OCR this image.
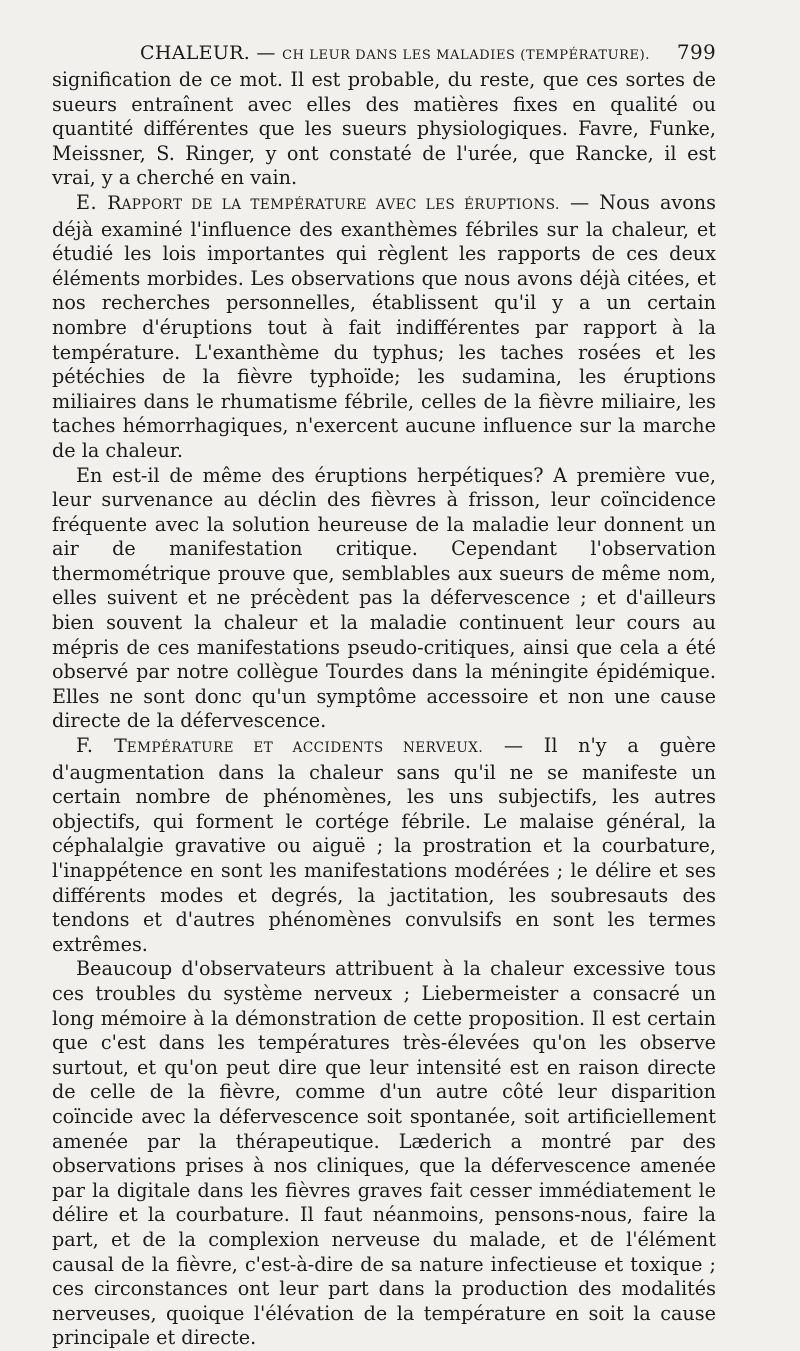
CHALEUR. — CH LEUR DANS LES MALADIES (TEMPÉRATURE). 799

signification de ce mot. Il est probable, du reste, que ces sortes de sueurs entraînent avec elles des matières fixes en qualité ou quantité différentes que les sueurs physiologiques. Favre, Funke, Meissner, S. Ringer, y ont constaté de l'urée, que Rancke, il est vrai, y a cherché en vain.

E. RAPPORT DE LA TEMPÉRATURE AVEC LES ÉRUPTIONS. — Nous avons déjà examiné l'influence des exanthèmes fébriles sur la chaleur, et étudié les lois importantes qui règlent les rapports de ces deux éléments morbides. Les observations que nous avons déjà citées, et nos recherches personnelles, établissent qu'il y a un certain nombre d'éruptions tout à fait indifférentes par rapport à la température. L'exanthème du typhus; les taches rosées et les pétéchies de la fièvre typhoïde; les sudamina, les éruptions miliaires dans le rhumatisme fébrile, celles de la fièvre miliaire, les taches hémorrhagiques, n'exercent aucune influence sur la marche de la chaleur.

En est-il de même des éruptions herpétiques? A première vue, leur survenance au déclin des fièvres à frisson, leur coïncidence fréquente avec la solution heureuse de la maladie leur donnent un air de manifestation critique. Cependant l'observation thermométrique prouve que, semblables aux sueurs de même nom, elles suivent et ne précèdent pas la défervescence ; et d'ailleurs bien souvent la chaleur et la maladie continuent leur cours au mépris de ces manifestations pseudo-critiques, ainsi que cela a été observé par notre collègue Tourdes dans la méningite épidémique. Elles ne sont donc qu'un symptôme accessoire et non une cause directe de la défervescence.

F. TEMPÉRATURE ET ACCIDENTS NERVEUX. — Il n'y a guère d'augmentation dans la chaleur sans qu'il ne se manifeste un certain nombre de phénomènes, les uns subjectifs, les autres objectifs, qui forment le cortége fébrile. Le malaise général, la céphalalgie gravative ou aiguë ; la prostration et la courbature, l'inappétence en sont les manifestations modérées ; le délire et ses différents modes et degrés, la jactitation, les soubresauts des tendons et d'autres phénomènes convulsifs en sont les termes extrêmes.

Beaucoup d'observateurs attribuent à la chaleur excessive tous ces troubles du système nerveux ; Liebermeister a consacré un long mémoire à la démonstration de cette proposition. Il est certain que c'est dans les températures très-élevées qu'on les observe surtout, et qu'on peut dire que leur intensité est en raison directe de celle de la fièvre, comme d'un autre côté leur disparition coïncide avec la défervescence soit spontanée, soit artificiellement amenée par la thérapeutique. Læderich a montré par des observations prises à nos cliniques, que la défervescence amenée par la digitale dans les fièvres graves fait cesser immédiatement le délire et la courbature. Il faut néanmoins, pensons-nous, faire la part, et de la complexion nerveuse du malade, et de l'élément causal de la fièvre, c'est-à-dire de sa nature infectieuse et toxique ; ces circonstances ont leur part dans la production des modalités nerveuses, quoique l'élévation de la température en soit la cause principale et directe.
